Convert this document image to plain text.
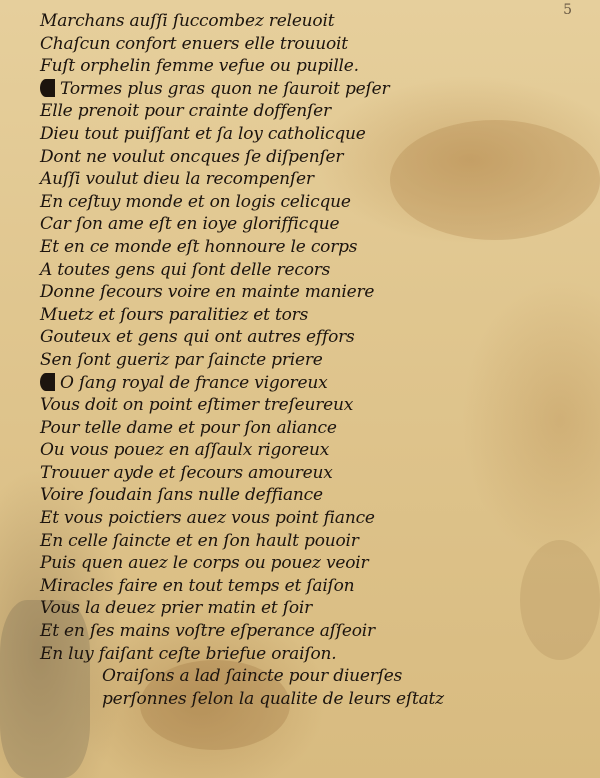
5
Marchans auſſi ſuccombez releuoit
Chaſcun confort enuers elle trouuoit
Fuſt orphelin femme vefue ou pupille.
Tormes plus gras quon ne ſauroit peſer
Elle prenoit pour crainte doffenſer
Dieu tout puiſſant et ſa loy catholicque
Dont ne voulut oncques ſe diſpenſer
Auſſi voulut dieu la recompenſer
En ceſtuy monde et on logis celicque
Car ſon ame eſt en ioye glorifficque
Et en ce monde eſt honnoure le corps
A toutes gens qui ſont delle recors
Donne ſecours voire en mainte maniere
Muetz et ſours paralitiez et tors
Gouteux et gens qui ont autres effors
Sen ſont gueriz par ſaincte priere
O ſang royal de france vigoreux
Vous doit on point eſtimer treſeureux
Pour telle dame et pour ſon aliance
Ou vous pouez en aſſaulx rigoreux
Trouuer ayde et ſecours amoureux
Voire ſoudain ſans nulle deffiance
Et vous poictiers auez vous point fiance
En celle ſaincte et en ſon hault pouoir
Puis quen auez le corps ou pouez veoir
Miracles faire en tout temps et ſaiſon
Vous la deuez prier matin et ſoir
Et en ſes mains voſtre eſperance aſſeoir
En luy faiſant ceſte briefue oraiſon.
Oraiſons a lad ſaincte pour diuerſes
perſonnes ſelon la qualite de leurs eſtatz
